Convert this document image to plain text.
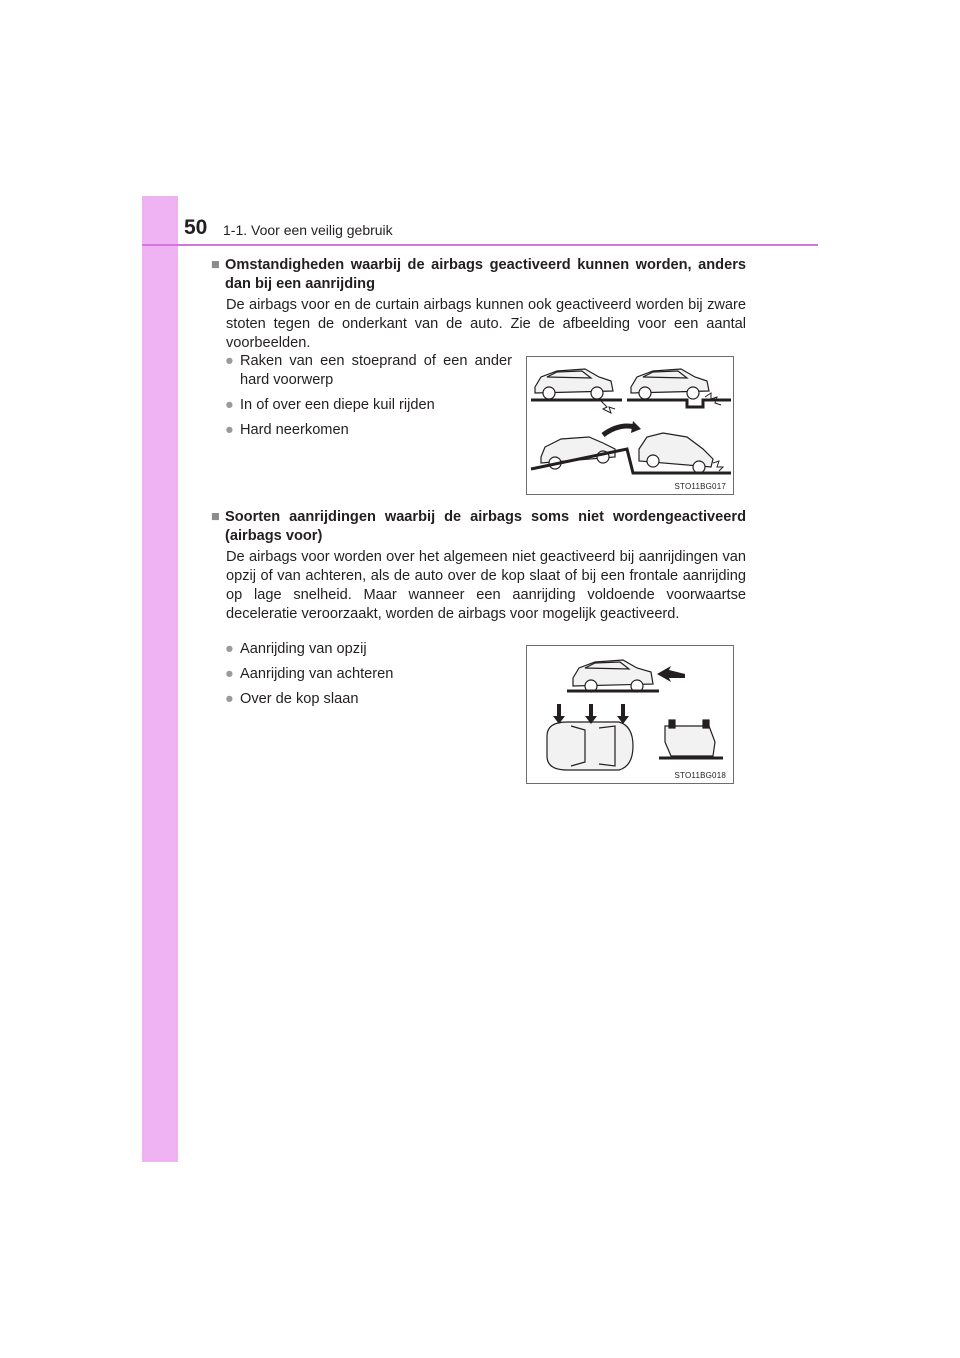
50 1-1. Voor een veilig gebruik
■ Omstandigheden waarbij de airbags geactiveerd kunnen worden, anders dan bij een aanrijding
De airbags voor en de curtain airbags kunnen ook geactiveerd worden bij zware stoten tegen de onderkant van de auto. Zie de afbeelding voor een aantal voorbeelden.
● Raken van een stoeprand of een ander hard voorwerp
● In of over een diepe kuil rijden
● Hard neerkomen
STO11BG017
■ Soorten aanrijdingen waarbij de airbags soms niet wordengeactiveerd (airbags voor)
De airbags voor worden over het algemeen niet geactiveerd bij aanrijdingen van opzij of van achteren, als de auto over de kop slaat of bij een frontale aanrijding op lage snelheid. Maar wanneer een aanrijding voldoende voorwaartse deceleratie veroorzaakt, worden de airbags voor mogelijk geactiveerd.
● Aanrijding van opzij
● Aanrijding van achteren
● Over de kop slaan
STO11BG018
